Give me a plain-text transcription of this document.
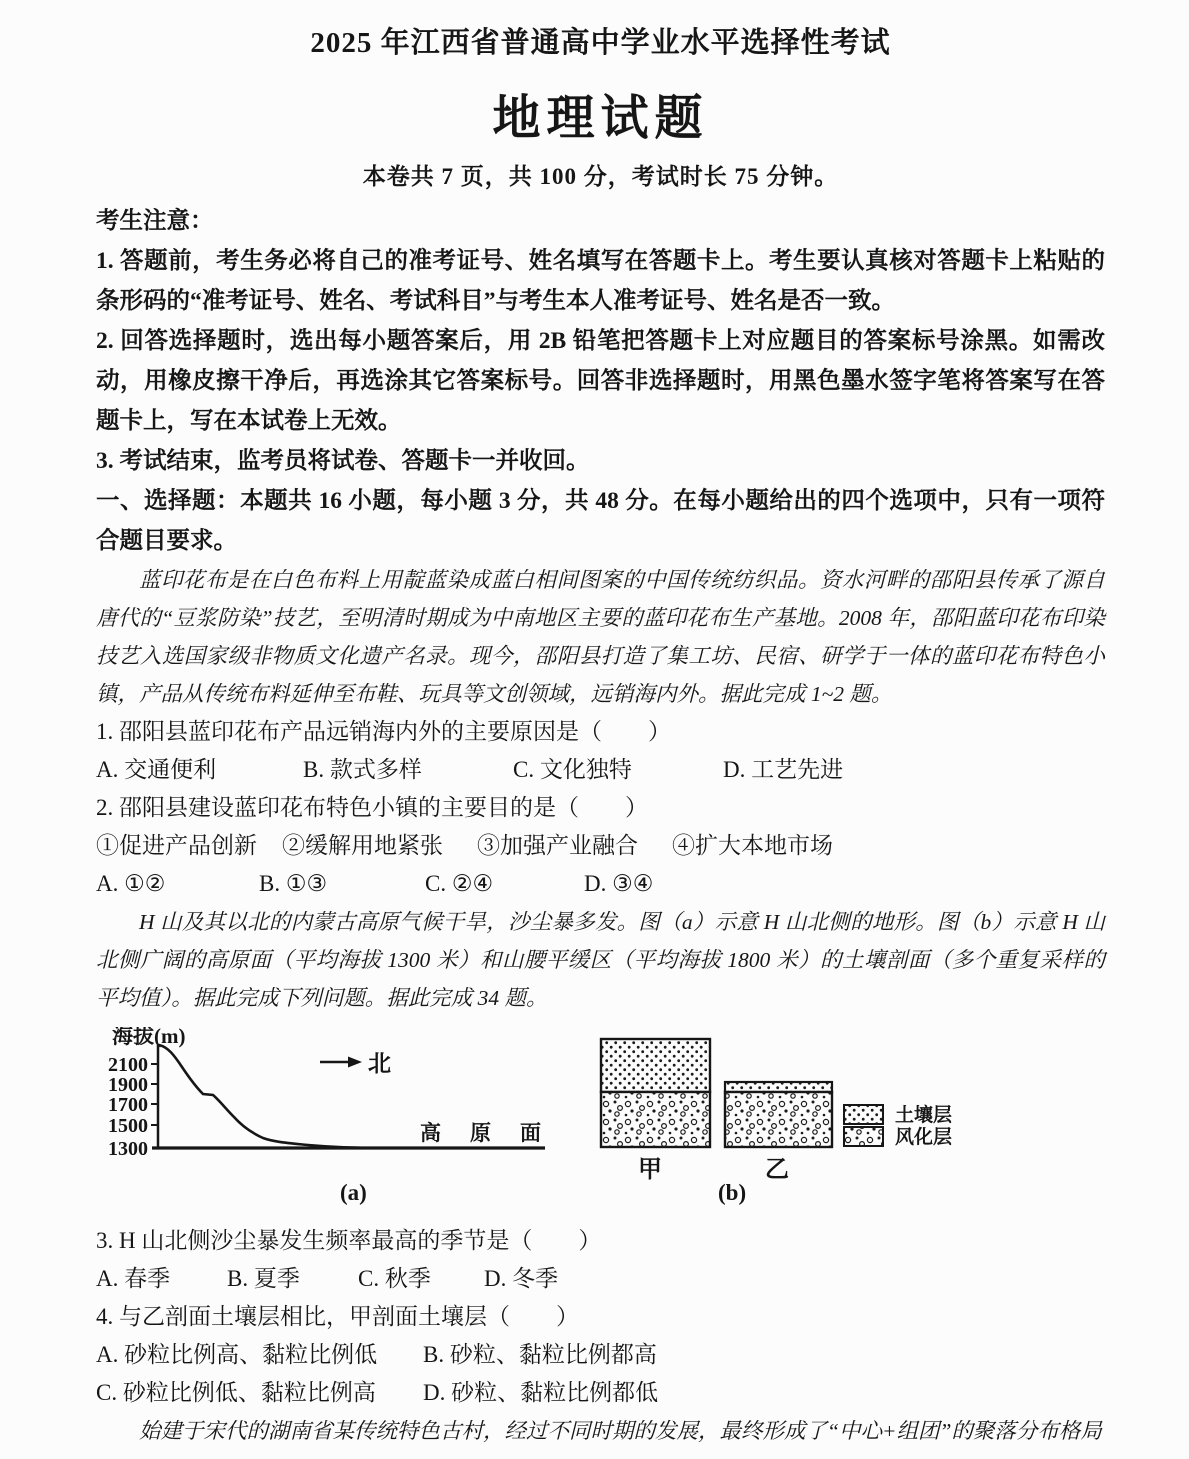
2025 年江西省普通高中学业水平选择性考试
地理试题

本卷共 7 页，共 100 分，考试时长 75 分钟。

考生注意：

1. 答题前，考生务必将自己的准考证号、姓名填写在答题卡上。考生要认真核对答题卡上粘贴的条形码的“准考证号、姓名、考试科目”与考生本人准考证号、姓名是否一致。

2. 回答选择题时，选出每小题答案后，用 2B 铅笔把答题卡上对应题目的答案标号涂黑。如需改动，用橡皮擦干净后，再选涂其它答案标号。回答非选择题时，用黑色墨水签字笔将答案写在答题卡上，写在本试卷上无效。

3. 考试结束，监考员将试卷、答题卡一并收回。

一、选择题：本题共 16 小题，每小题 3 分，共 48 分。在每小题给出的四个选项中，只有一项符合题目要求。

蓝印花布是在白色布料上用靛蓝染成蓝白相间图案的中国传统纺织品。资水河畔的邵阳县传承了源自唐代的“豆浆防染”技艺，至明清时期成为中南地区主要的蓝印花布生产基地。2008 年，邵阳蓝印花布印染技艺入选国家级非物质文化遗产名录。现今，邵阳县打造了集工坊、民宿、研学于一体的蓝印花布特色小镇，产品从传统布料延伸至布鞋、玩具等文创领域，远销海内外。据此完成 1~2 题。

1. 邵阳县蓝印花布产品远销海内外的主要原因是（　　）

A. 交通便利	B. 款式多样	C. 文化独特	D. 工艺先进

2. 邵阳县建设蓝印花布特色小镇的主要目的是（　　）

①促进产品创新	②缓解用地紧张	③加强产业融合	④扩大本地市场
A. ①②	B. ①③	C. ②④	D. ③④

H 山及其以北的内蒙古高原气候干旱，沙尘暴多发。图（a）示意 H 山北侧的地形。图（b）示意 H 山北侧广阔的高原面（平均海拔 1300 米）和山腰平缓区（平均海拔 1800 米）的土壤剖面（多个重复采样的平均值）。据此完成下列问题。据此完成 34 题。

海拔(m)
2100
1900
1700
1500
1300
北
高原面
(a)
甲	乙
土壤层
风化层
(b)

3. H 山北侧沙尘暴发生频率最高的季节是（　　）

A. 春季	B. 夏季	C. 秋季	D. 冬季

4. 与乙剖面土壤层相比，甲剖面土壤层（　　）

A. 砂粒比例高、黏粒比例低	B. 砂粒、黏粒比例都高
C. 砂粒比例低、黏粒比例高	D. 砂粒、黏粒比例都低

始建于宋代的湖南省某传统特色古村，经过不同时期的发展，最终形成了“中心+组团”的聚落分布格局
